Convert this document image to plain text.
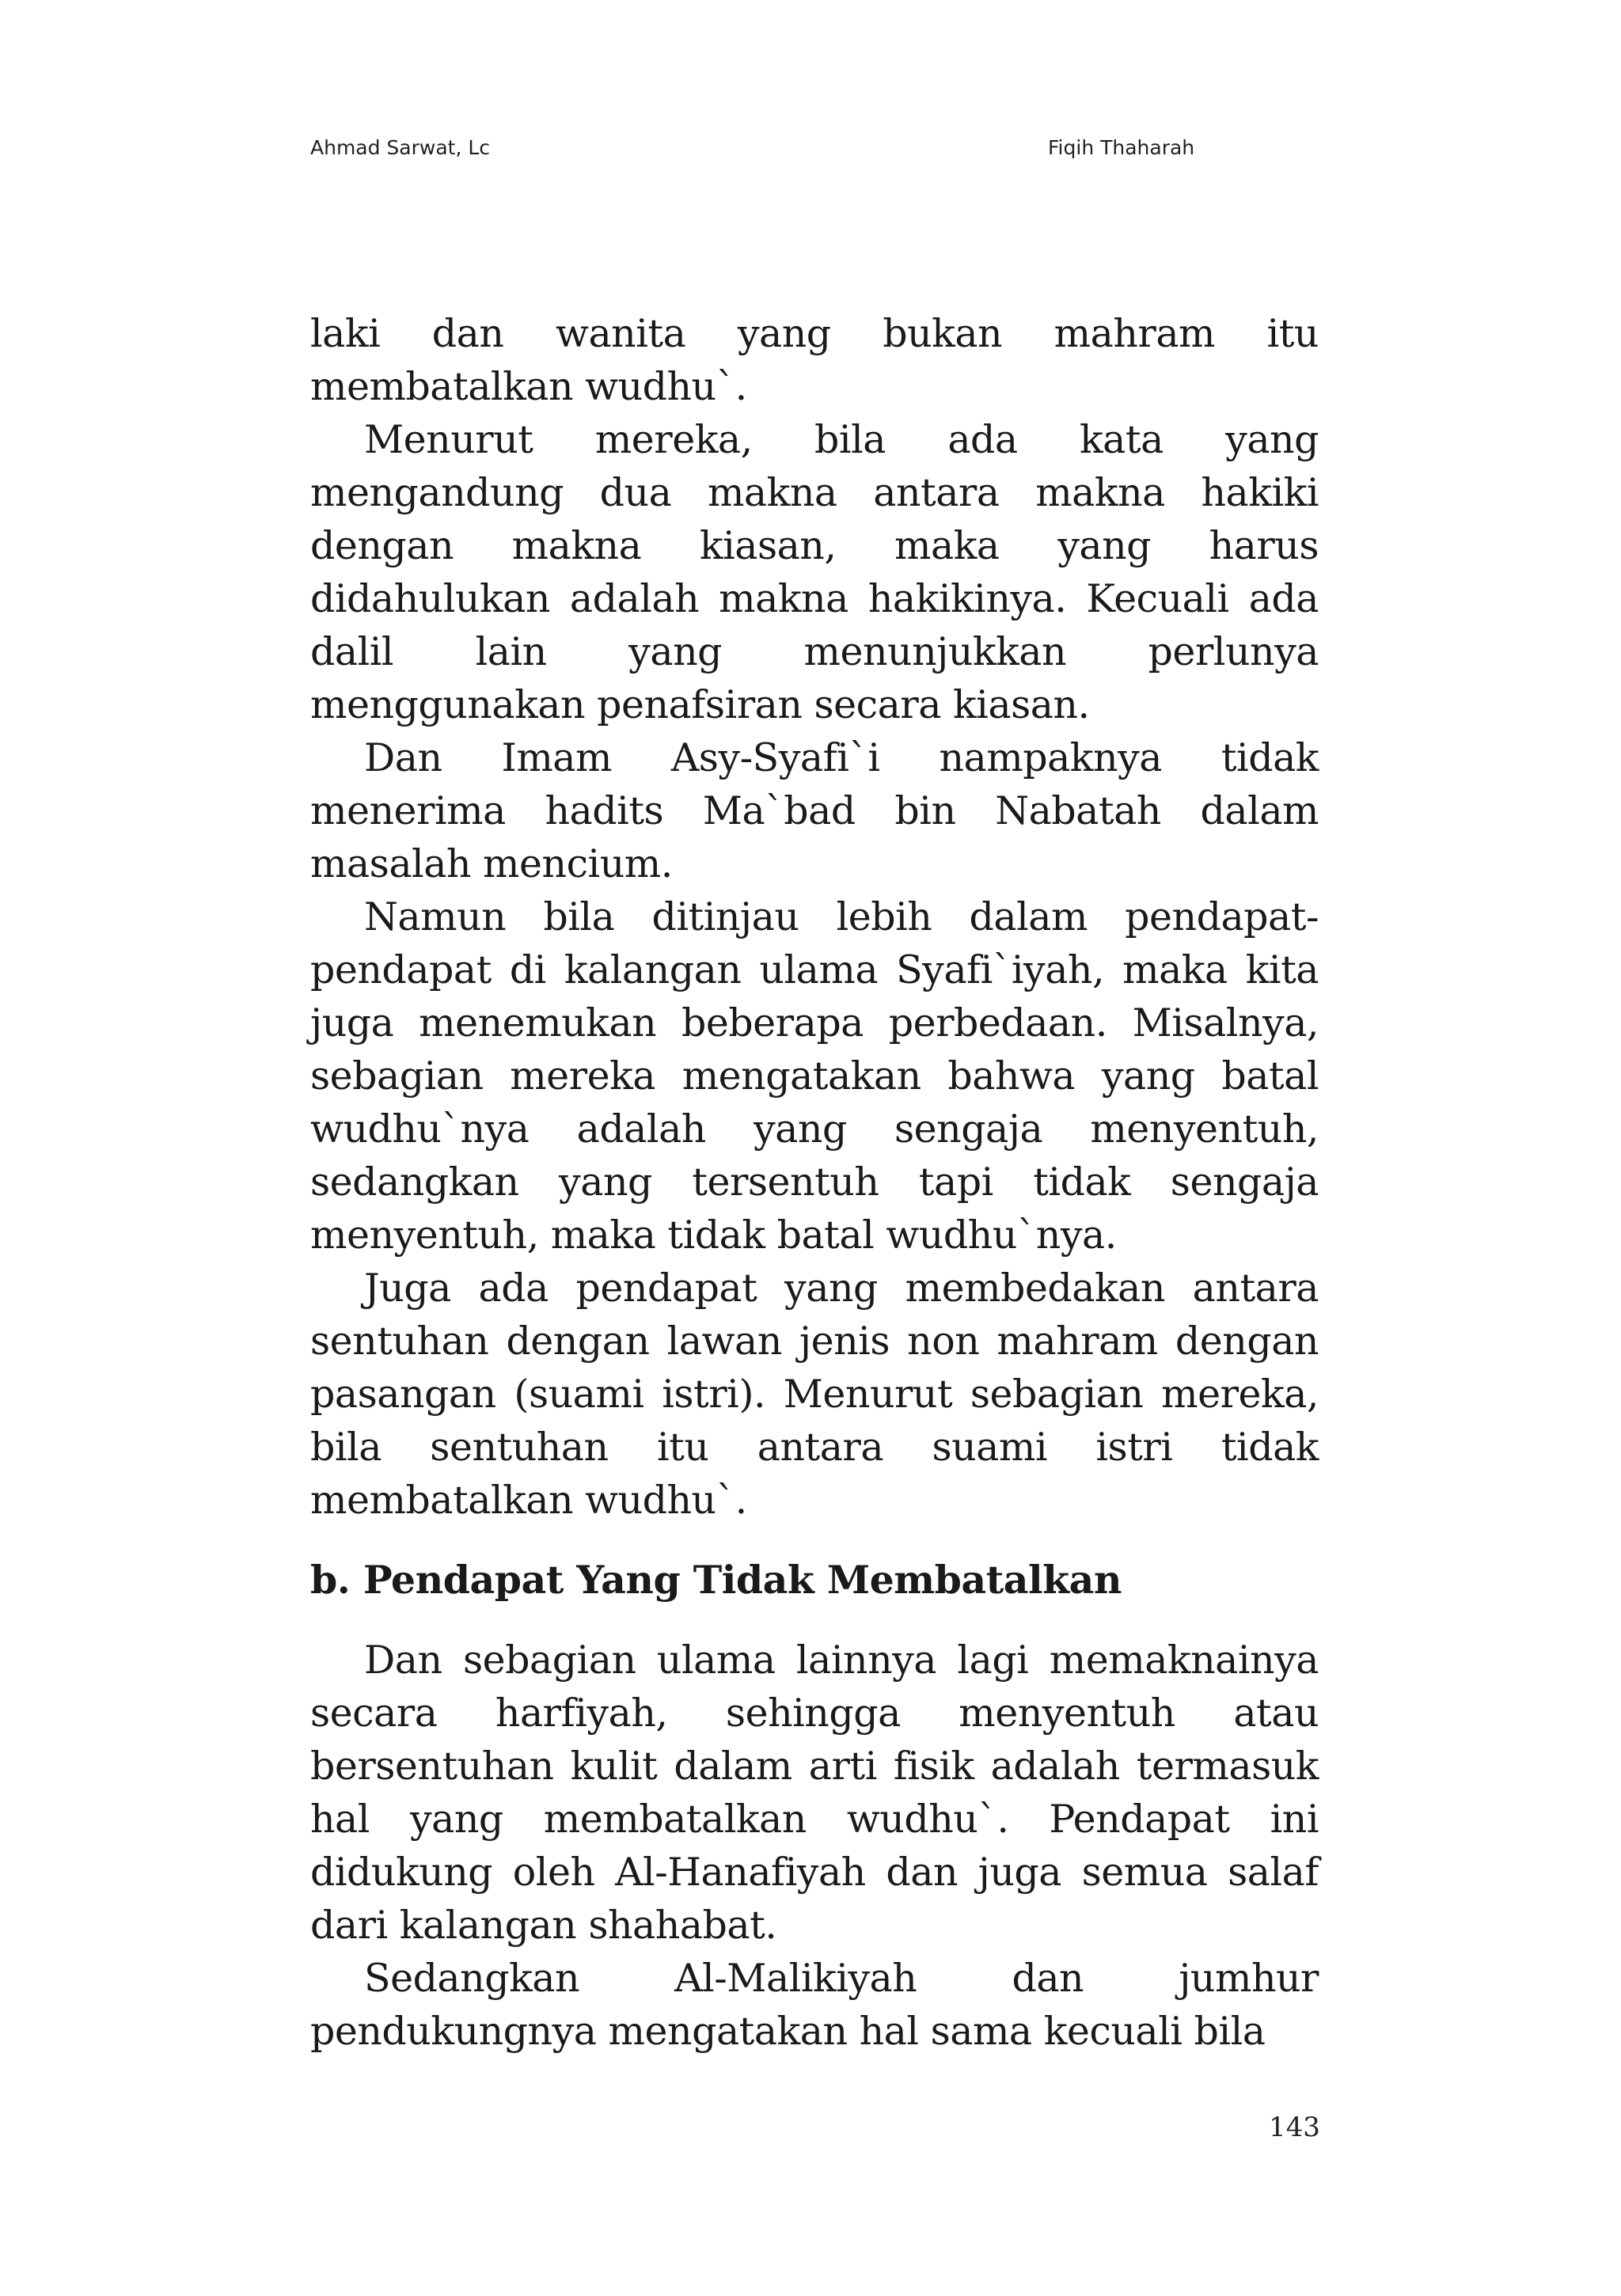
Ahmad Sarwat, Lc	Fiqih Thaharah

laki dan wanita yang bukan mahram itu membatalkan wudhu`.

Menurut mereka, bila ada kata yang mengandung dua makna antara makna hakiki dengan makna kiasan, maka yang harus didahulukan adalah makna hakikinya. Kecuali ada dalil lain yang menunjukkan perlunya menggunakan penafsiran secara kiasan.

Dan Imam Asy-Syafi`i nampaknya tidak menerima hadits Ma`bad bin Nabatah dalam masalah mencium.

Namun bila ditinjau lebih dalam pendapat-pendapat di kalangan ulama Syafi`iyah, maka kita juga menemukan beberapa perbedaan. Misalnya, sebagian mereka mengatakan bahwa yang batal wudhu`nya adalah yang sengaja menyentuh, sedangkan yang tersentuh tapi tidak sengaja menyentuh, maka tidak batal wudhu`nya.

Juga ada pendapat yang membedakan antara sentuhan dengan lawan jenis non mahram dengan pasangan (suami istri). Menurut sebagian mereka, bila sentuhan itu antara suami istri tidak membatalkan wudhu`.

b. Pendapat Yang Tidak Membatalkan

Dan sebagian ulama lainnya lagi memaknainya secara harfiyah, sehingga menyentuh atau bersentuhan kulit dalam arti fisik adalah termasuk hal yang membatalkan wudhu`. Pendapat ini didukung oleh Al-Hanafiyah dan juga semua salaf dari kalangan shahabat.

Sedangkan Al-Malikiyah dan jumhur pendukungnya mengatakan hal sama kecuali bila

143
